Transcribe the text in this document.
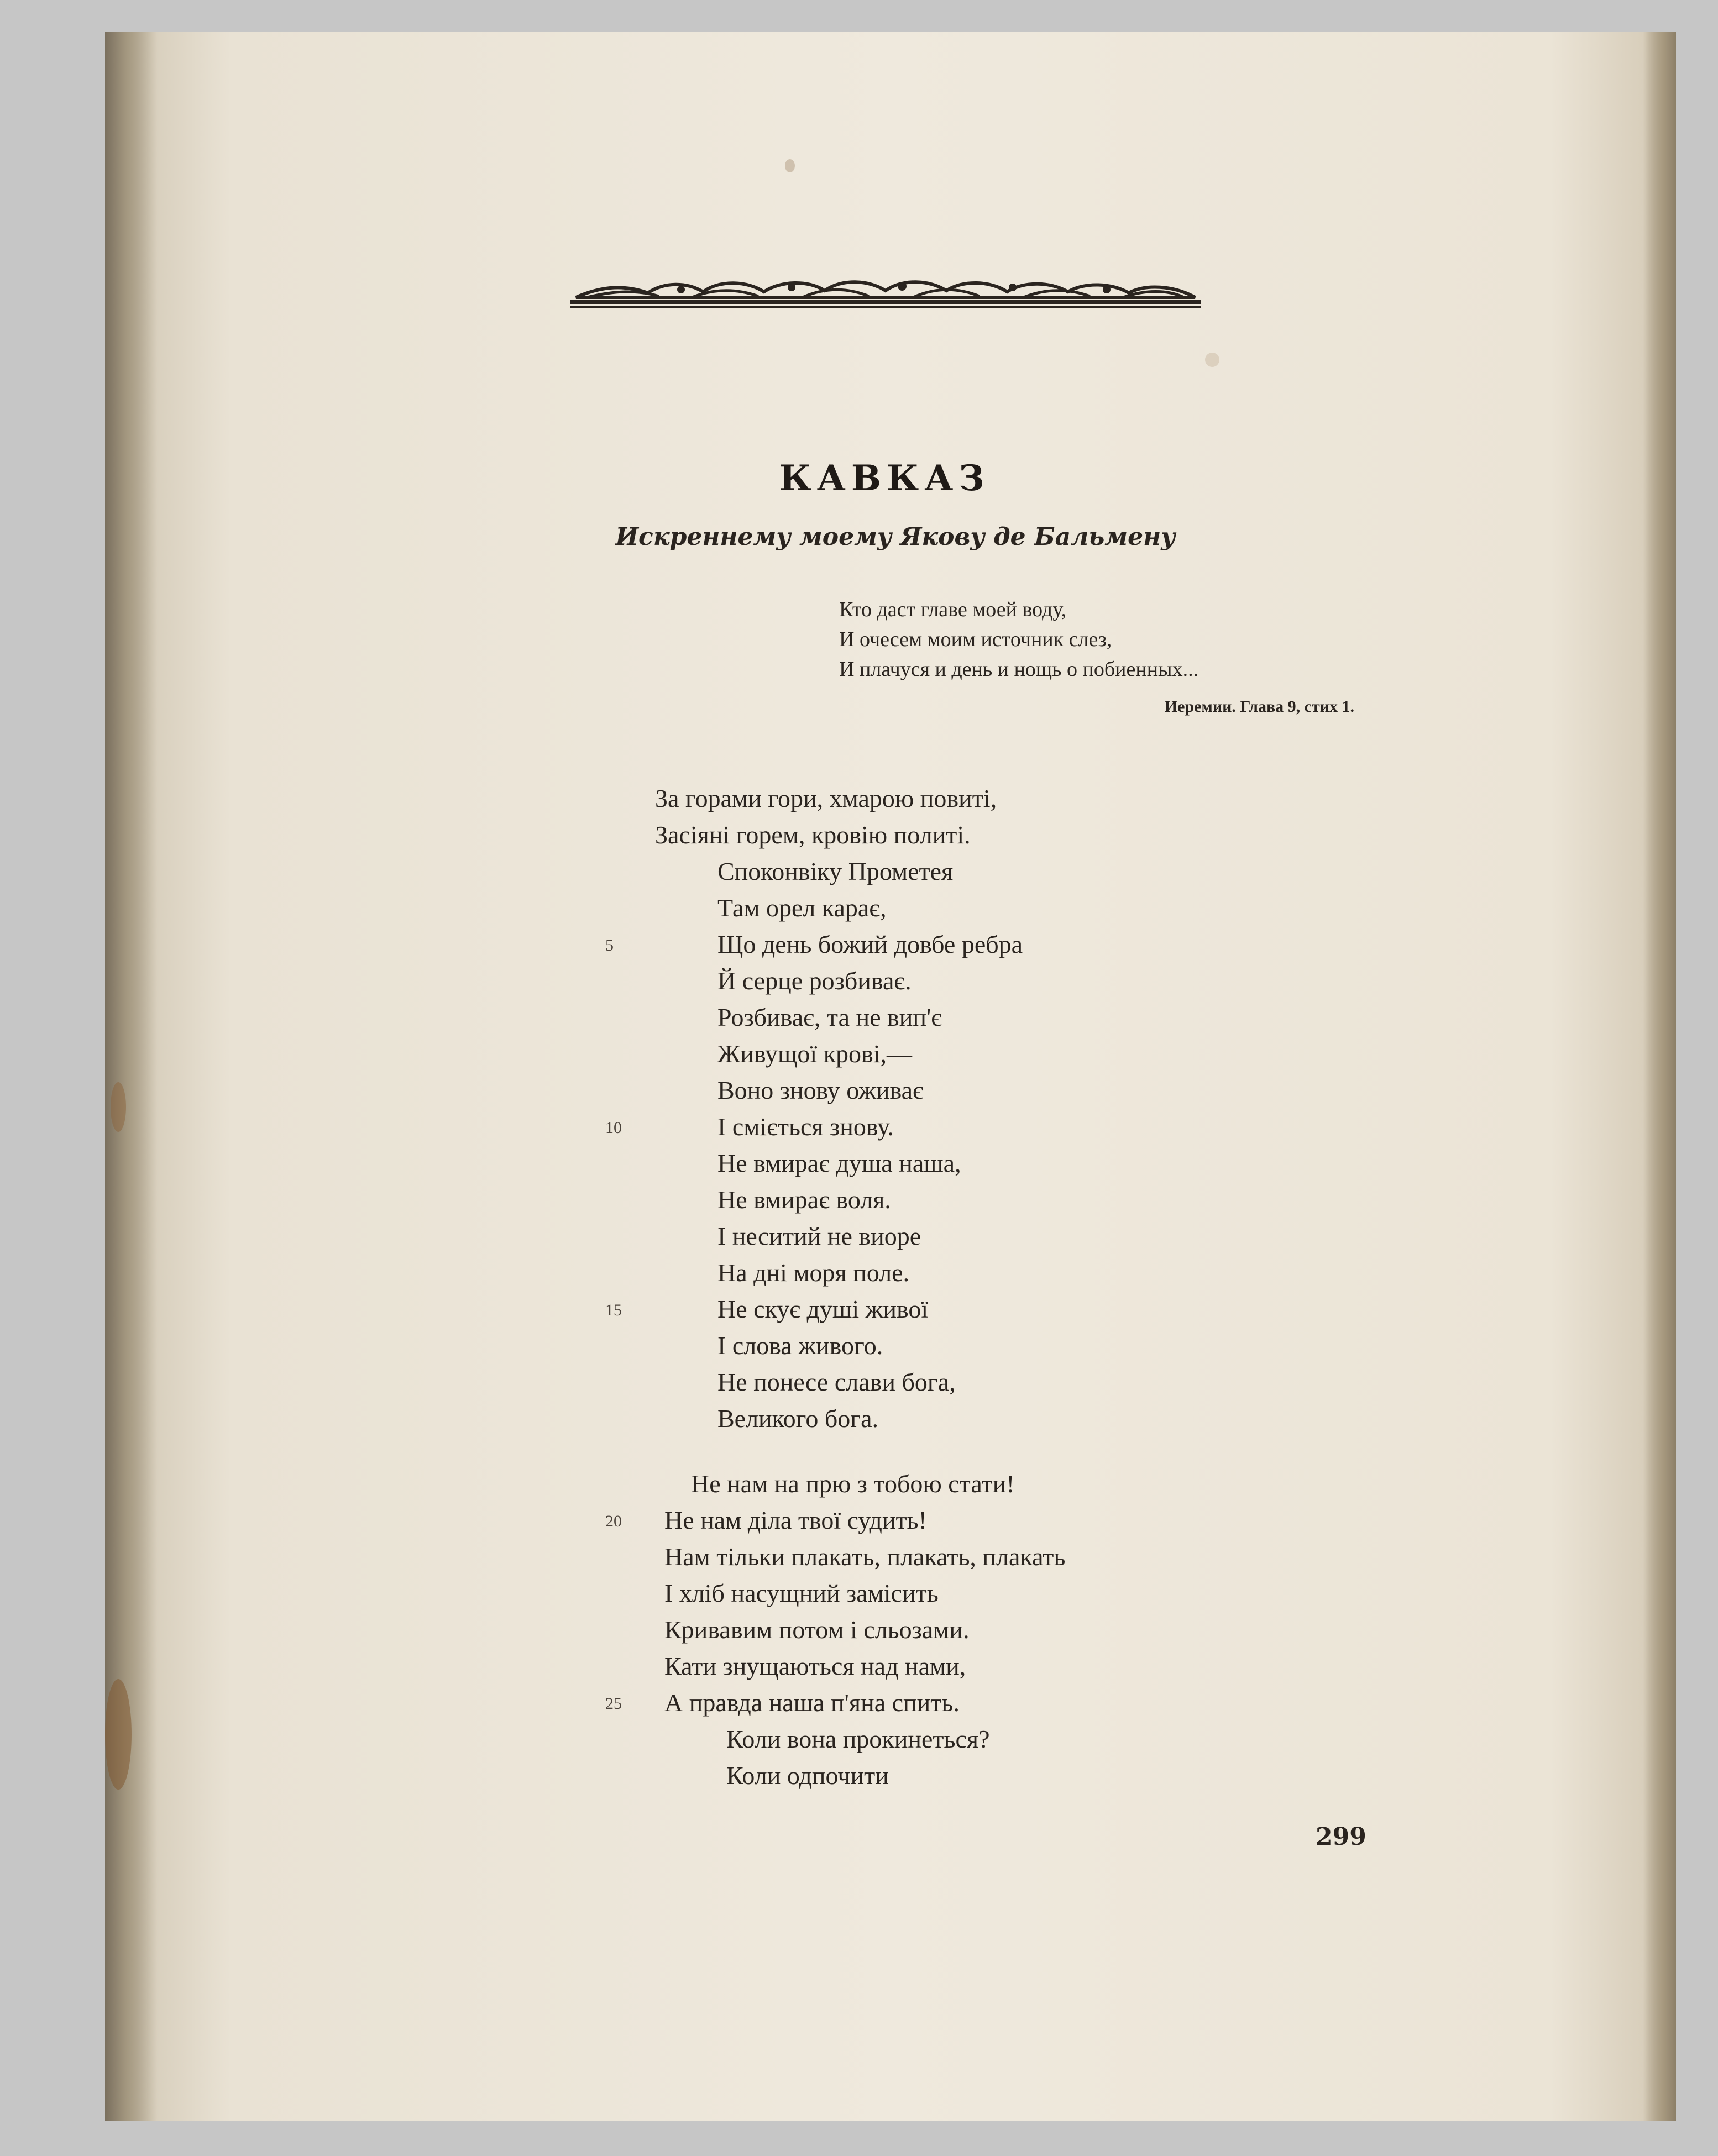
КАВКАЗ
Искреннему моему Якову де Бальмену
Кто даст главе моей воду,
И очесем моим источник слез,
И плачуся и день и нощь о побиенных...
Иеремии. Глава 9, стих 1.
За горами гори, хмарою повиті,
Засіяні горем, кровію политі.
Споконвіку Прометея
Там орел карає,
Що день божий довбе ребра
Й серце розбиває.
Розбиває, та не вип'є
Живущої крові,—
Воно знову оживає
І сміється знову.
Не вмирає душа наша,
Не вмирає воля.
І неситий не виоре
На дні моря поле.
Не скує душі живої
І слова живого.
Не понесе слави бога,
Великого бога.
Не нам на прю з тобою стати!
Не нам діла твої судить!
Нам тільки плакать, плакать, плакать
І хліб насущний замісить
Кривавим потом і сльозами.
Кати знущаються над нами,
А правда наша п'яна спить.
Коли вона прокинеться?
Коли одпочити
5
10
15
20
25
299
